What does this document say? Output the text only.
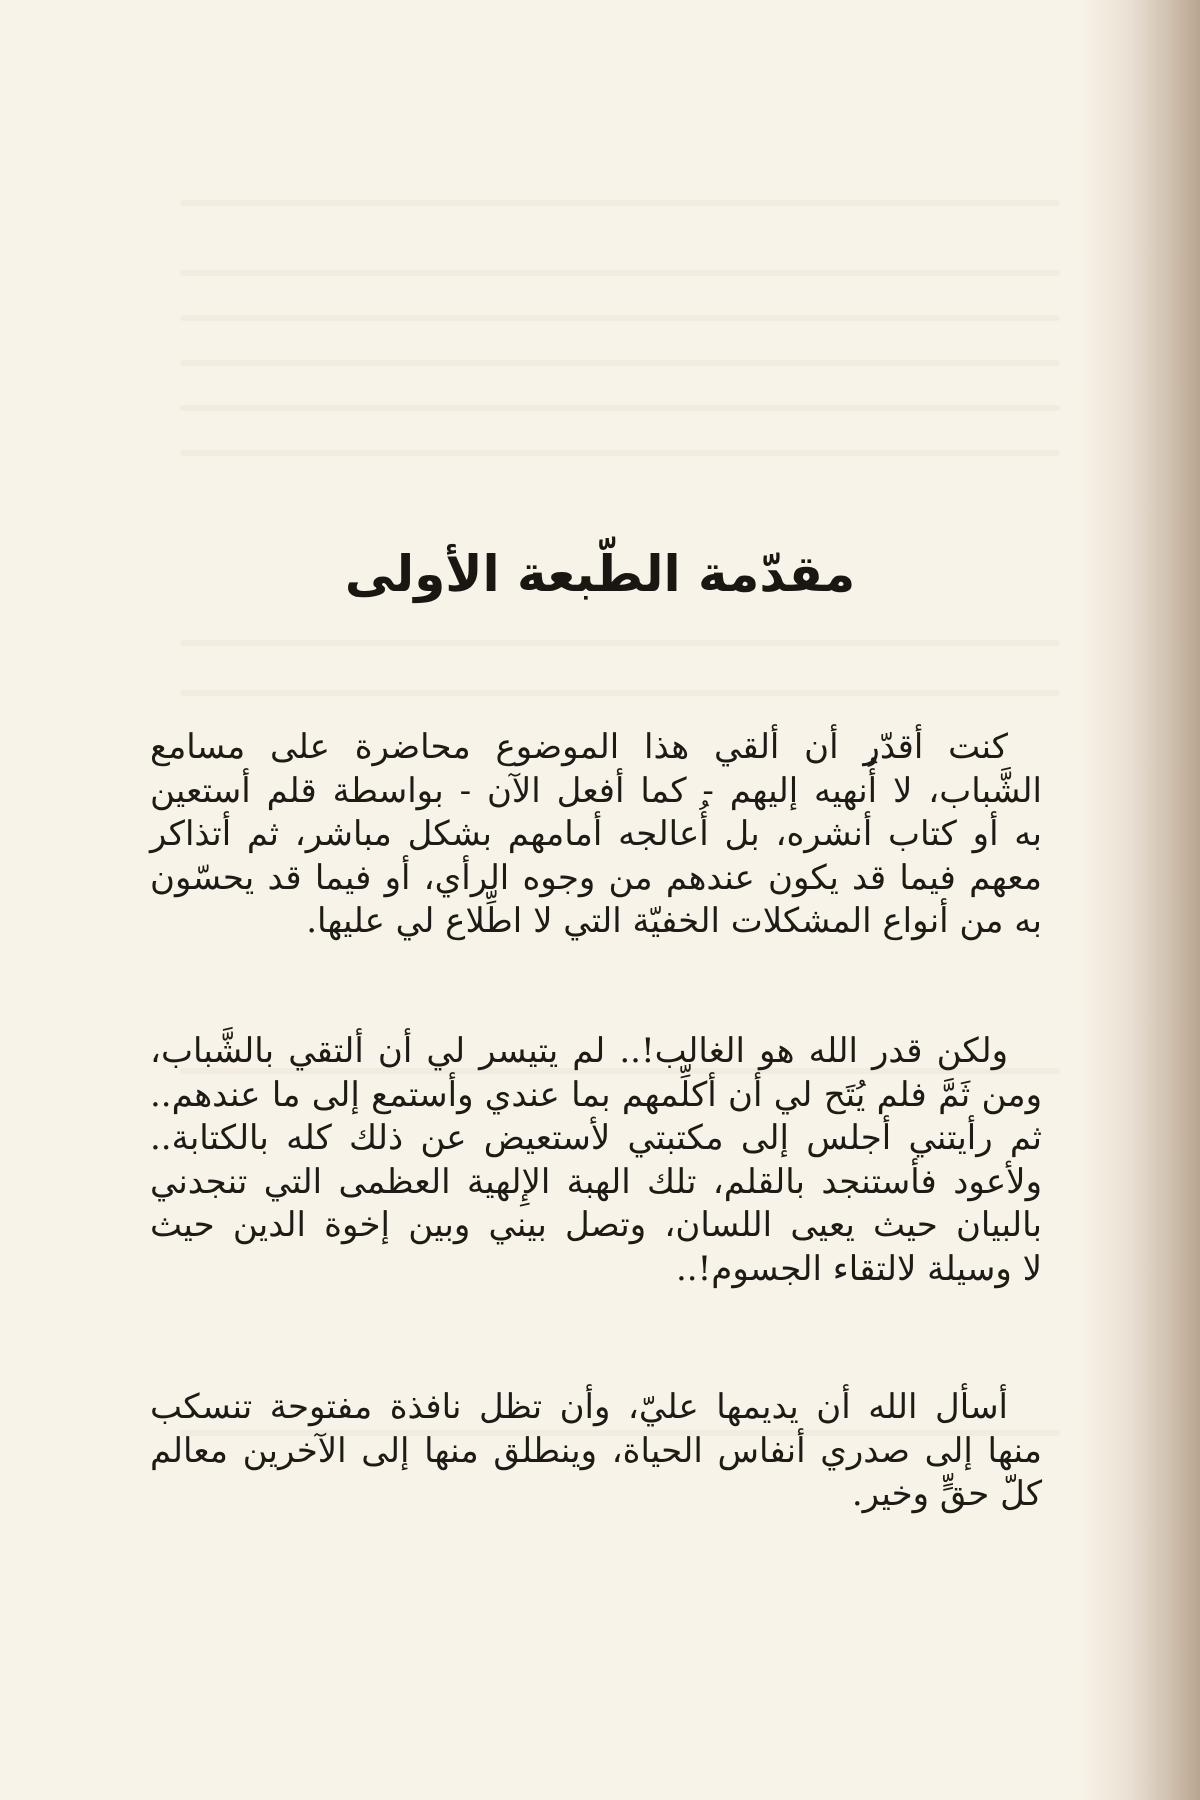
مقدّمة الطّبعة الأولى
كنت أقدّر أن ألقي هذا الموضوع محاضرة على مسامع
الشَّباب، لا أُنهيه إليهم - كما أفعل الآن - بواسطة قلم أستعين
به أو كتاب أنشره، بل أُعالجه أمامهم بشكل مباشر، ثم أتذاكر
معهم فيما قد يكون عندهم من وجوه الرأي، أو فيما قد يحسّون
به من أنواع المشكلات الخفيّة التي لا اطِّلاع لي عليها.
ولكن قدر الله هو الغالب!.. لم يتيسر لي أن ألتقي بالشَّباب،
ومن ثَمَّ فلم يُتَح لي أن أكلِّمهم بما عندي وأستمع إلى ما عندهم..
ثم رأيتني أجلس إلى مكتبتي لأستعيض عن ذلك كله بالكتابة..
ولأعود فأستنجد بالقلم، تلك الهبة الإِلهية العظمى التي تنجدني
بالبيان حيث يعيى اللسان، وتصل بيني وبين إخوة الدين حيث
لا وسيلة لالتقاء الجسوم!..
أسأل الله أن يديمها عليّ، وأن تظل نافذة مفتوحة تنسكب
منها إلى صدري أنفاس الحياة، وينطلق منها إلى الآخرين معالم
كلّ حقٍّ وخير.
